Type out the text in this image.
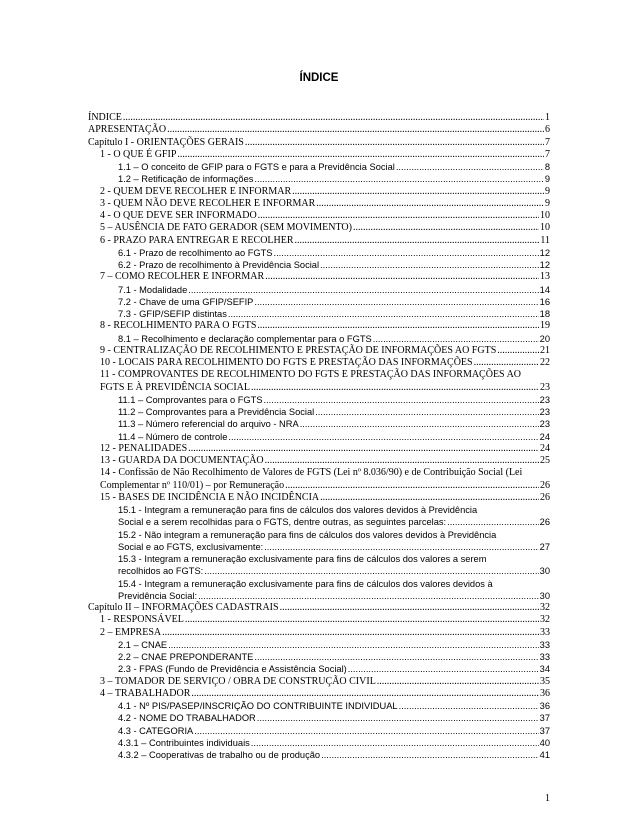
ÍNDICE
ÍNDICE .....	1
APRESENTAÇÃO .....	6
Capítulo I - ORIENTAÇÕES GERAIS .....	7
1 - O QUE É GFIP .....	7
1.1 – O conceito de GFIP para o FGTS e para a Previdência Social .....	8
1.2 – Retificação de informações .....	9
2 - QUEM DEVE RECOLHER E INFORMAR .....	9
3 - QUEM NÃO DEVE RECOLHER E INFORMAR .....	9
4 - O QUE DEVE SER INFORMADO .....	10
5 – AUSÊNCIA DE FATO GERADOR (SEM MOVIMENTO) .....	10
6 - PRAZO PARA ENTREGAR E RECOLHER .....	11
6.1 - Prazo de recolhimento ao FGTS .....	12
6.2 - Prazo de recolhimento à Previdência Social .....	12
7 – COMO RECOLHER E INFORMAR .....	13
7.1 - Modalidade .....	14
7.2 - Chave de uma GFIP/SEFIP .....	16
7.3 - GFIP/SEFIP distintas .....	18
8 - RECOLHIMENTO PARA O FGTS .....	19
8.1 – Recolhimento e declaração complementar para o FGTS .....	20
9 - CENTRALIZAÇÃO DE RECOLHIMENTO E PRESTAÇÃO DE INFORMAÇÕES AO FGTS .....	21
10 - LOCAIS PARA RECOLHIMENTO DO FGTS E PRESTAÇÃO DAS INFORMAÇÕES .....	22
11 - COMPROVANTES DE RECOLHIMENTO DO FGTS E PRESTAÇÃO DAS INFORMAÇÕES AO
FGTS E À PREVIDÊNCIA SOCIAL .....	23
11.1 – Comprovantes para o FGTS .....	23
11.2 – Comprovantes para a Previdência Social .....	23
11.3 – Número referencial do arquivo - NRA .....	23
11.4 – Número de controle .....	24
12 - PENALIDADES .....	24
13 - GUARDA DA DOCUMENTAÇÃO .....	25
14 - Confissão de Não Recolhimento de Valores de FGTS (Lei nº 8.036/90) e de Contribuição Social (Lei
Complementar nº 110/01) – por Remuneração .....	26
15 - BASES DE INCIDÊNCIA E NÃO INCIDÊNCIA .....	26
15.1 - Integram a remuneração para fins de cálculos dos valores devidos à Previdência
Social e a serem recolhidas para o FGTS, dentre outras, as seguintes parcelas: .....	26
15.2 - Não integram a remuneração para fins de cálculos dos valores devidos à Previdência
Social e ao FGTS, exclusivamente: .....	27
15.3 - Integram a remuneração exclusivamente para fins de cálculos dos valores a serem
recolhidos ao FGTS: .....	30
15.4 - Integram a remuneração exclusivamente para fins de cálculos dos valores devidos à
Previdência Social: .....	30
Capítulo II – INFORMAÇÕES CADASTRAIS .....	32
1 - RESPONSÁVEL .....	32
2 – EMPRESA .....	33
2.1 – CNAE .....	33
2.2 – CNAE PREPONDERANTE .....	33
2.3 - FPAS (Fundo de Previdência e Assistência Social) .....	34
3 – TOMADOR DE SERVIÇO / OBRA DE CONSTRUÇÃO CIVIL .....	35
4 – TRABALHADOR .....	36
4.1 - Nº PIS/PASEP/INSCRIÇÃO DO CONTRIBUINTE INDIVIDUAL .....	36
4.2 - NOME DO TRABALHADOR .....	37
4.3 - CATEGORIA .....	37
4.3.1 – Contribuintes individuais .....	40
4.3.2 – Cooperativas de trabalho ou de produção .....	41
1
